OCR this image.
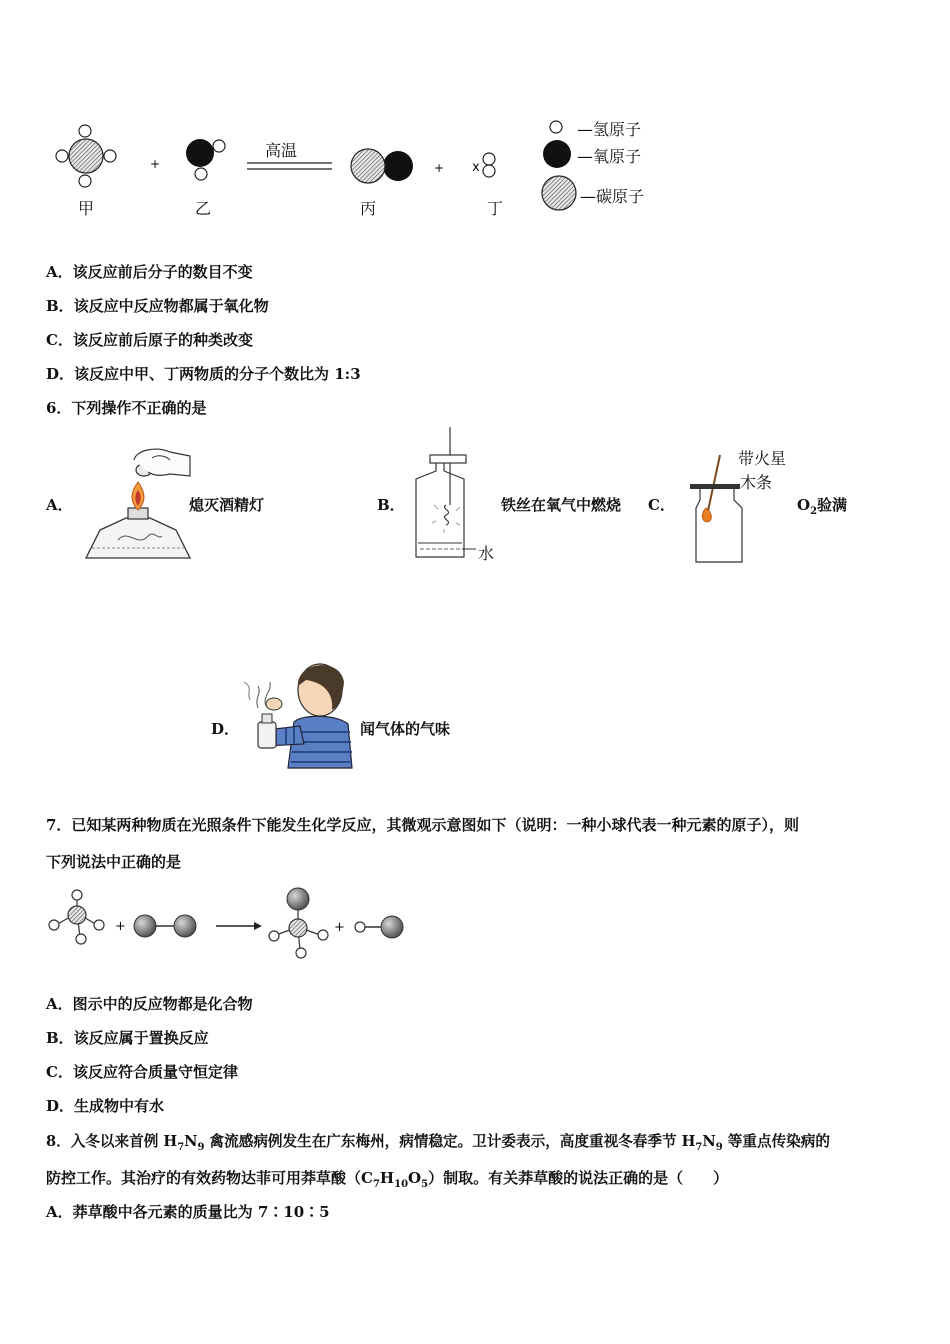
+	+
高温
x
甲	乙	丙	丁
—氢原子
—氧原子
—碳原子
A．该反应前后分子的数目不变
B．该反应中反应物都属于氧化物
C．该反应前后原子的种类改变
D．该反应中甲、丁两物质的分子个数比为 1:3
6．下列操作不正确的是
A．	熄灭酒精灯	B．
水
铁丝在氧气中燃烧 C．
带火星
木条
$O_2$验满
D．	闻气体的气味
7．已知某两种物质在光照条件下能发生化学反应，其微观示意图如下（说明：一种小球代表一种元素的原子），则
下列说法中正确的是
+	+
A．图示中的反应物都是化合物
B．该反应属于置换反应
C．该反应符合质量守恒定律
D．生成物中有水
8．入冬以来首例 $H_7N_9$ 禽流感病例发生在广东梅州，病情稳定。卫计委表示，高度重视冬春季节 $H_7N_9$ 等重点传染病的
防控工作。其治疗的有效药物达菲可用莽草酸$(C_7H_{10}O_5)$制取。有关莽草酸的说法正确的是（　　）
A．莽草酸中各元素的质量比为 7∶10∶5
